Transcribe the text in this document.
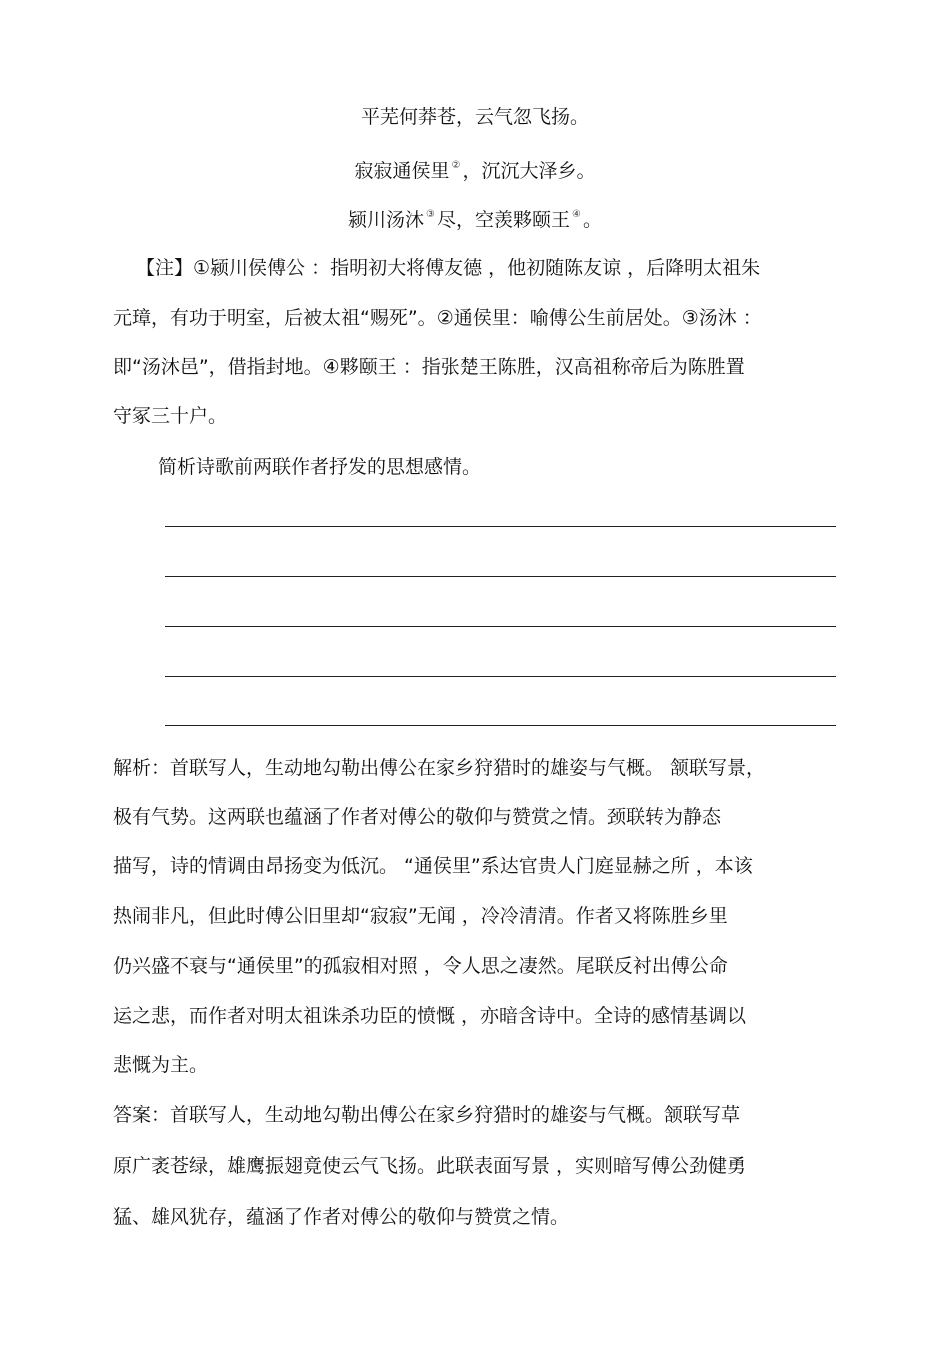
平芜何莽苍，云气忽飞扬。
寂寂通侯里 ② ，沉沉大泽乡。
颍川汤沐 ③ 尽，空羡夥颐王 ④ 。
【注】①颍川侯傅公 ：指明初大将傅友德 ，他初随陈友谅 ，后降明太祖朱
元璋，有功于明室，后被太祖“赐死”。②通侯里：喻傅公生前居处。③汤沐 ：
即“汤沐邑”，借指封地。④夥颐王 ：指张楚王陈胜，汉高祖称帝后为陈胜置
守冢三十户。
简析诗歌前两联作者抒发的思想感情。
解析：首联写人，生动地勾勒出傅公在家乡狩猎时的雄姿与气概。 颔联写景，
极有气势。这两联也蕴涵了作者对傅公的敬仰与赞赏之情。颈联转为静态
描写，诗的情调由昂扬变为低沉。 “通侯里”系达官贵人门庭显赫之所 ，本该
热闹非凡，但此时傅公旧里却“寂寂”无闻 ，冷冷清清。作者又将陈胜乡里
仍兴盛不衰与“通侯里”的孤寂相对照 ，令人思之凄然。尾联反衬出傅公命
运之悲，而作者对明太祖诛杀功臣的愤慨 ，亦暗含诗中。全诗的感情基调以
悲慨为主。
答案：首联写人，生动地勾勒出傅公在家乡狩猎时的雄姿与气概。颔联写草
原广袤苍绿，雄鹰振翅竟使云气飞扬。此联表面写景 ，实则暗写傅公劲健勇
猛、雄风犹存，蕴涵了作者对傅公的敬仰与赞赏之情。
